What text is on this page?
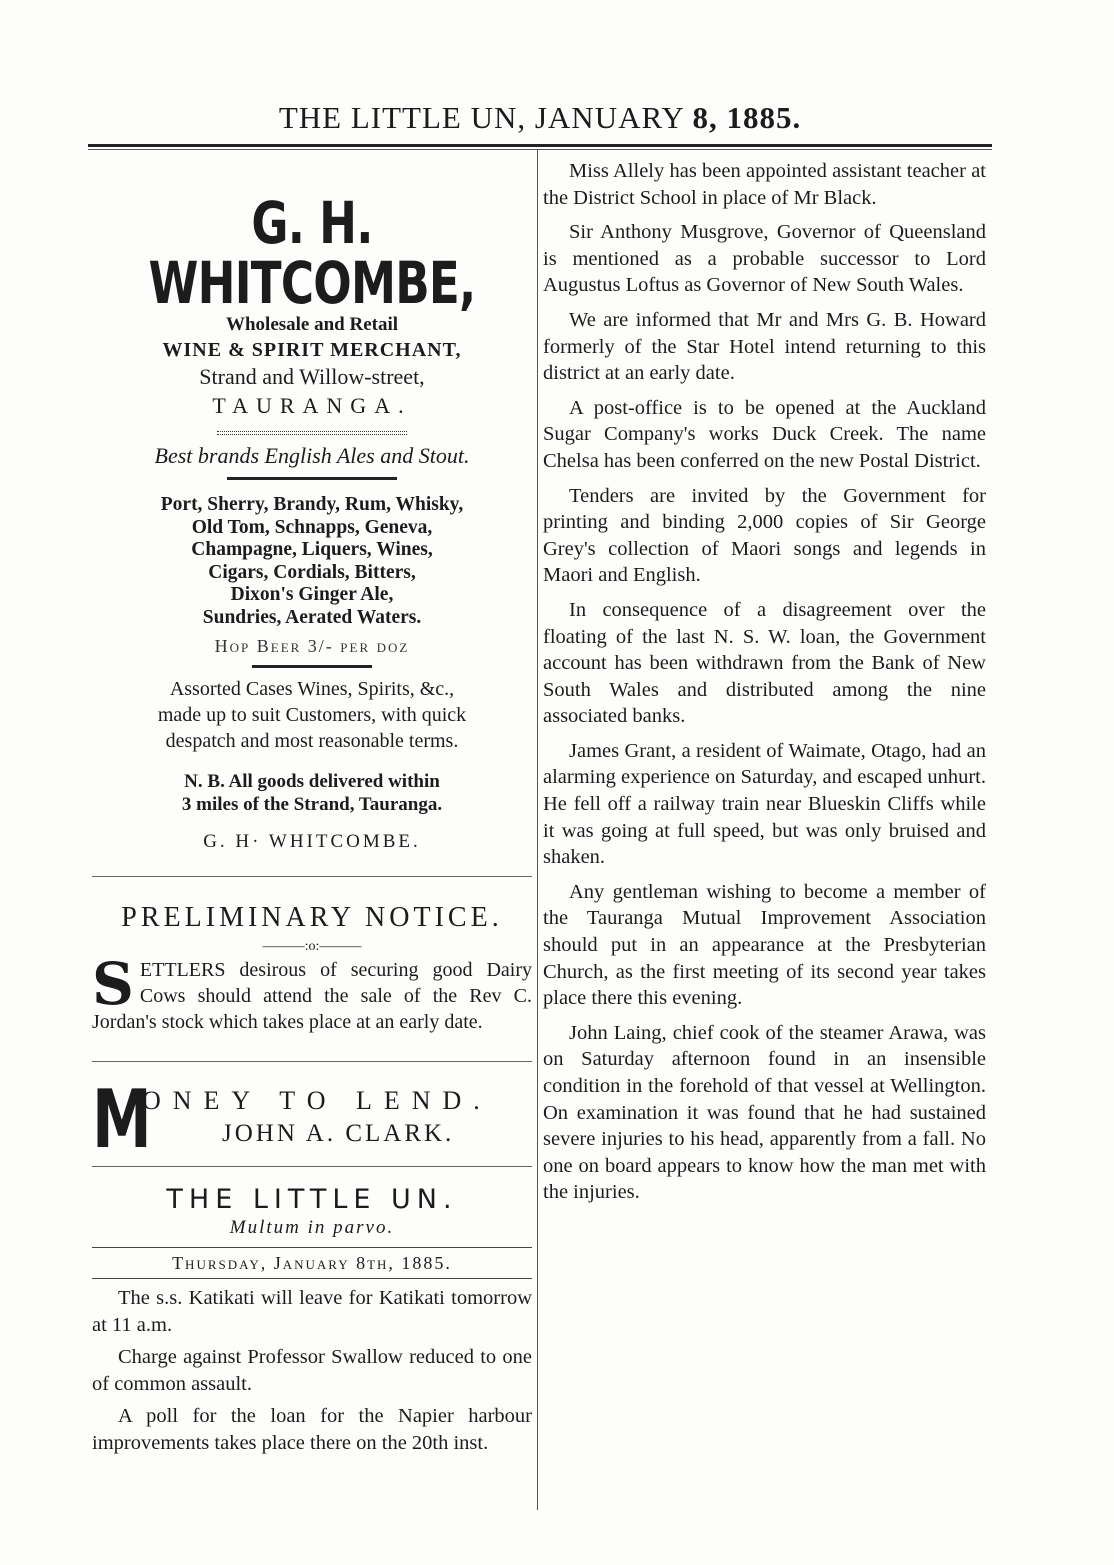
THE LITTLE UN, JANUARY 8, 1885.
G. H. WHITCOMBE,
Wholesale and Retail
WINE & SPIRIT MERCHANT,
Strand and Willow-street,
TAURANGA.
Best brands English Ales and Stout.
Port, Sherry, Brandy, Rum, Whisky,
Old Tom, Schnapps, Geneva,
Champagne, Liquers, Wines,
Cigars, Cordials, Bitters,
Dixon's Ginger Ale,
Sundries, Aerated Waters.
Hop Beer 3/- per doz
Assorted Cases Wines, Spirits, &c.,
made up to suit Customers, with quick
despatch and most reasonable terms.
N. B. All goods delivered within
3 miles of the Strand, Tauranga.
G. H· WHITCOMBE.
PRELIMINARY NOTICE.
———:o:———
S ETTLERS desirous of securing good Dairy Cows should attend the sale of the Rev C. Jordan's stock which takes place at an early date.
M
ONEY TO LEND.
JOHN A. CLARK.
THE LITTLE UN.
Multum in parvo.
Thursday, January 8th, 1885.

The s.s. Katikati will leave for Katikati tomorrow at 11 a.m.

Charge against Professor Swallow reduced to one of common assault.

A poll for the loan for the Napier harbour improvements takes place there on the 20th inst.

Miss Allely has been appointed assistant teacher at the District School in place of Mr Black.

Sir Anthony Musgrove, Governor of Queensland is mentioned as a probable successor to Lord Augustus Loftus as Governor of New South Wales.

We are informed that Mr and Mrs G. B. Howard formerly of the Star Hotel intend returning to this district at an early date.

A post-office is to be opened at the Auckland Sugar Company's works Duck Creek. The name Chelsa has been conferred on the new Postal District.

Tenders are invited by the Government for printing and binding 2,000 copies of Sir George Grey's collection of Maori songs and legends in Maori and English.

In consequence of a disagreement over the floating of the last N. S. W. loan, the Government account has been withdrawn from the Bank of New South Wales and distributed among the nine associated banks.

James Grant, a resident of Waimate, Otago, had an alarming experience on Saturday, and escaped unhurt. He fell off a railway train near Blueskin Cliffs while it was going at full speed, but was only bruised and shaken.

Any gentleman wishing to become a member of the Tauranga Mutual Improvement Association should put in an appearance at the Presbyterian Church, as the first meeting of its second year takes place there this evening.

John Laing, chief cook of the steamer Arawa, was on Saturday afternoon found in an insensible condition in the forehold of that vessel at Wellington. On examination it was found that he had sustained severe injuries to his head, apparently from a fall. No one on board appears to know how the man met with the injuries.
